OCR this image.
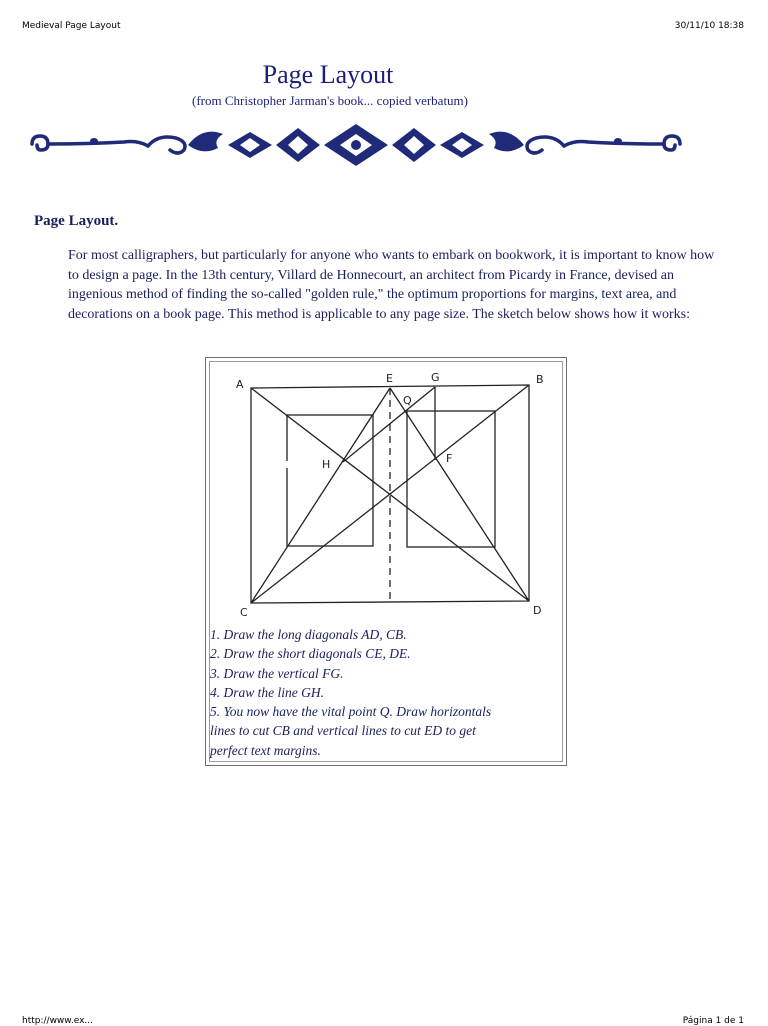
Medieval Page Layout	30/11/10 18:38
Page Layout
(from Christopher Jarman's book... copied verbatum)
Page Layout.
For most calligraphers, but particularly for anyone who wants to embark on bookwork, it is important to know how to design a page. In the 13th century, Villard de Honnecourt, an architect from Picardy in France, devised an ingenious method of finding the so-called "golden rule," the optimum proportions for margins, text area, and decorations on a book page. This method is applicable to any page size. The sketch below shows how it works:
A	B
C	D
E
F
G
H
Q
1. Draw the long diagonals AD, CB.
2. Draw the short diagonals CE, DE.
3. Draw the vertical FG.
4. Draw the line GH.
5. You now have the vital point Q. Draw horizontals
lines to cut CB and vertical lines to cut ED to get
perfect text margins.
http://www.ex...	Página 1 de 1
